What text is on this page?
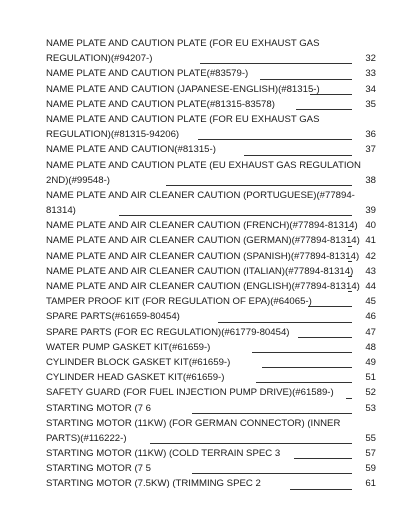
NAME PLATE AND CAUTION PLATE (FOR EU EXHAUST GAS
REGULATION)(#94207-)	32
NAME PLATE AND CAUTION PLATE(#83579-)	33
NAME PLATE AND CAUTION (JAPANESE-ENGLISH)(#81315-)	34
NAME PLATE AND CAUTION PLATE(#81315-83578)	35
NAME PLATE AND CAUTION PLATE (FOR EU EXHAUST GAS
REGULATION)(#81315-94206)	36
NAME PLATE AND CAUTION(#81315-)	37
NAME PLATE AND CAUTION PLATE (EU EXHAUST GAS REGULATION
2ND)(#99548-)	38
NAME PLATE AND AIR CLEANER CAUTION (PORTUGUESE)(#77894-
81314)	39
NAME PLATE AND AIR CLEANER CAUTION (FRENCH)(#77894-81314) 40
NAME PLATE AND AIR CLEANER CAUTION (GERMAN)(#77894-81314) 41
NAME PLATE AND AIR CLEANER CAUTION (SPANISH)(#77894-81314) 42
NAME PLATE AND AIR CLEANER CAUTION (ITALIAN)(#77894-81314)	43
NAME PLATE AND AIR CLEANER CAUTION (ENGLISH)(#77894-81314) 44
TAMPER PROOF KIT (FOR REGULATION OF EPA)(#64065-)	45
SPARE PARTS(#61659-80454)	46
SPARE PARTS (FOR EC REGULATION)(#61779-80454)	47
WATER PUMP GASKET KIT(#61659-)	48
CYLINDER BLOCK GASKET KIT(#61659-)	49
CYLINDER HEAD GASKET KIT(#61659-)	51
SAFETY GUARD (FOR FUEL INJECTION PUMP DRIVE)(#61589-)	52
STARTING MOTOR (7 6	53
STARTING MOTOR (11KW) (FOR GERMAN CONNECTOR) (INNER
PARTS)(#116222-)	55
STARTING MOTOR (11KW) (COLD TERRAIN SPEC 3	57
STARTING MOTOR (7 5	59
STARTING MOTOR (7.5KW) (TRIMMING SPEC 2	61
